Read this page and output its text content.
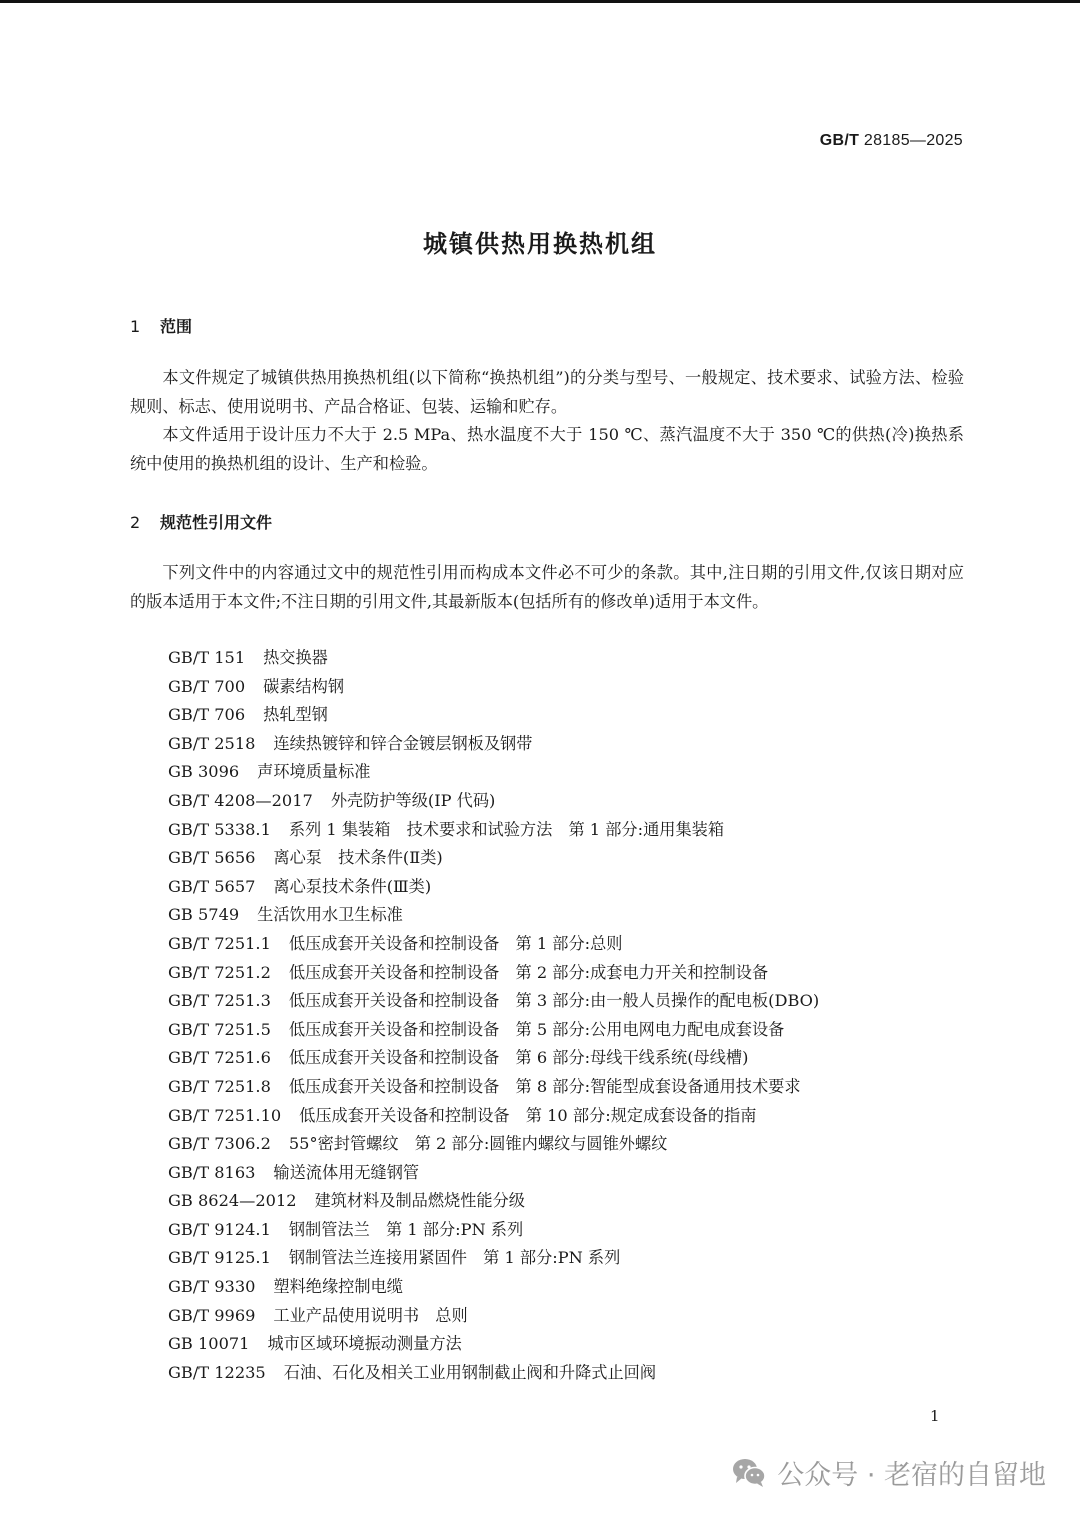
GB/T 28185—2025
城镇供热用换热机组
1 范围
本文件规定了城镇供热用换热机组(以下简称“换热机组”)的分类与型号、一般规定、技术要求、试验方法、检验规则、标志、使用说明书、产品合格证、包装、运输和贮存。
本文件适用于设计压力不大于 2.5 MPa、热水温度不大于 150 ℃、蒸汽温度不大于 350 ℃的供热(冷)换热系统中使用的换热机组的设计、生产和检验。
2 规范性引用文件
下列文件中的内容通过文中的规范性引用而构成本文件必不可少的条款。其中,注日期的引用文件,仅该日期对应的版本适用于本文件;不注日期的引用文件,其最新版本(包括所有的修改单)适用于本文件。
GB/T 151 热交换器
GB/T 700 碳素结构钢
GB/T 706 热轧型钢
GB/T 2518 连续热镀锌和锌合金镀层钢板及钢带
GB 3096 声环境质量标准
GB/T 4208—2017 外壳防护等级(IP 代码)
GB/T 5338.1 系列 1 集装箱　技术要求和试验方法　第 1 部分:通用集装箱
GB/T 5656 离心泵　技术条件(Ⅱ类)
GB/T 5657 离心泵技术条件(Ⅲ类)
GB 5749 生活饮用水卫生标准
GB/T 7251.1 低压成套开关设备和控制设备　第 1 部分:总则
GB/T 7251.2 低压成套开关设备和控制设备　第 2 部分:成套电力开关和控制设备
GB/T 7251.3 低压成套开关设备和控制设备　第 3 部分:由一般人员操作的配电板(DBO)
GB/T 7251.5 低压成套开关设备和控制设备　第 5 部分:公用电网电力配电成套设备
GB/T 7251.6 低压成套开关设备和控制设备　第 6 部分:母线干线系统(母线槽)
GB/T 7251.8 低压成套开关设备和控制设备　第 8 部分:智能型成套设备通用技术要求
GB/T 7251.10 低压成套开关设备和控制设备　第 10 部分:规定成套设备的指南
GB/T 7306.2 55°密封管螺纹　第 2 部分:圆锥内螺纹与圆锥外螺纹
GB/T 8163 输送流体用无缝钢管
GB 8624—2012 建筑材料及制品燃烧性能分级
GB/T 9124.1 钢制管法兰　第 1 部分:PN 系列
GB/T 9125.1 钢制管法兰连接用紧固件　第 1 部分:PN 系列
GB/T 9330 塑料绝缘控制电缆
GB/T 9969 工业产品使用说明书　总则
GB 10071 城市区域环境振动测量方法
GB/T 12235 石油、石化及相关工业用钢制截止阀和升降式止回阀
1
公众号 · 老宿的自留地
